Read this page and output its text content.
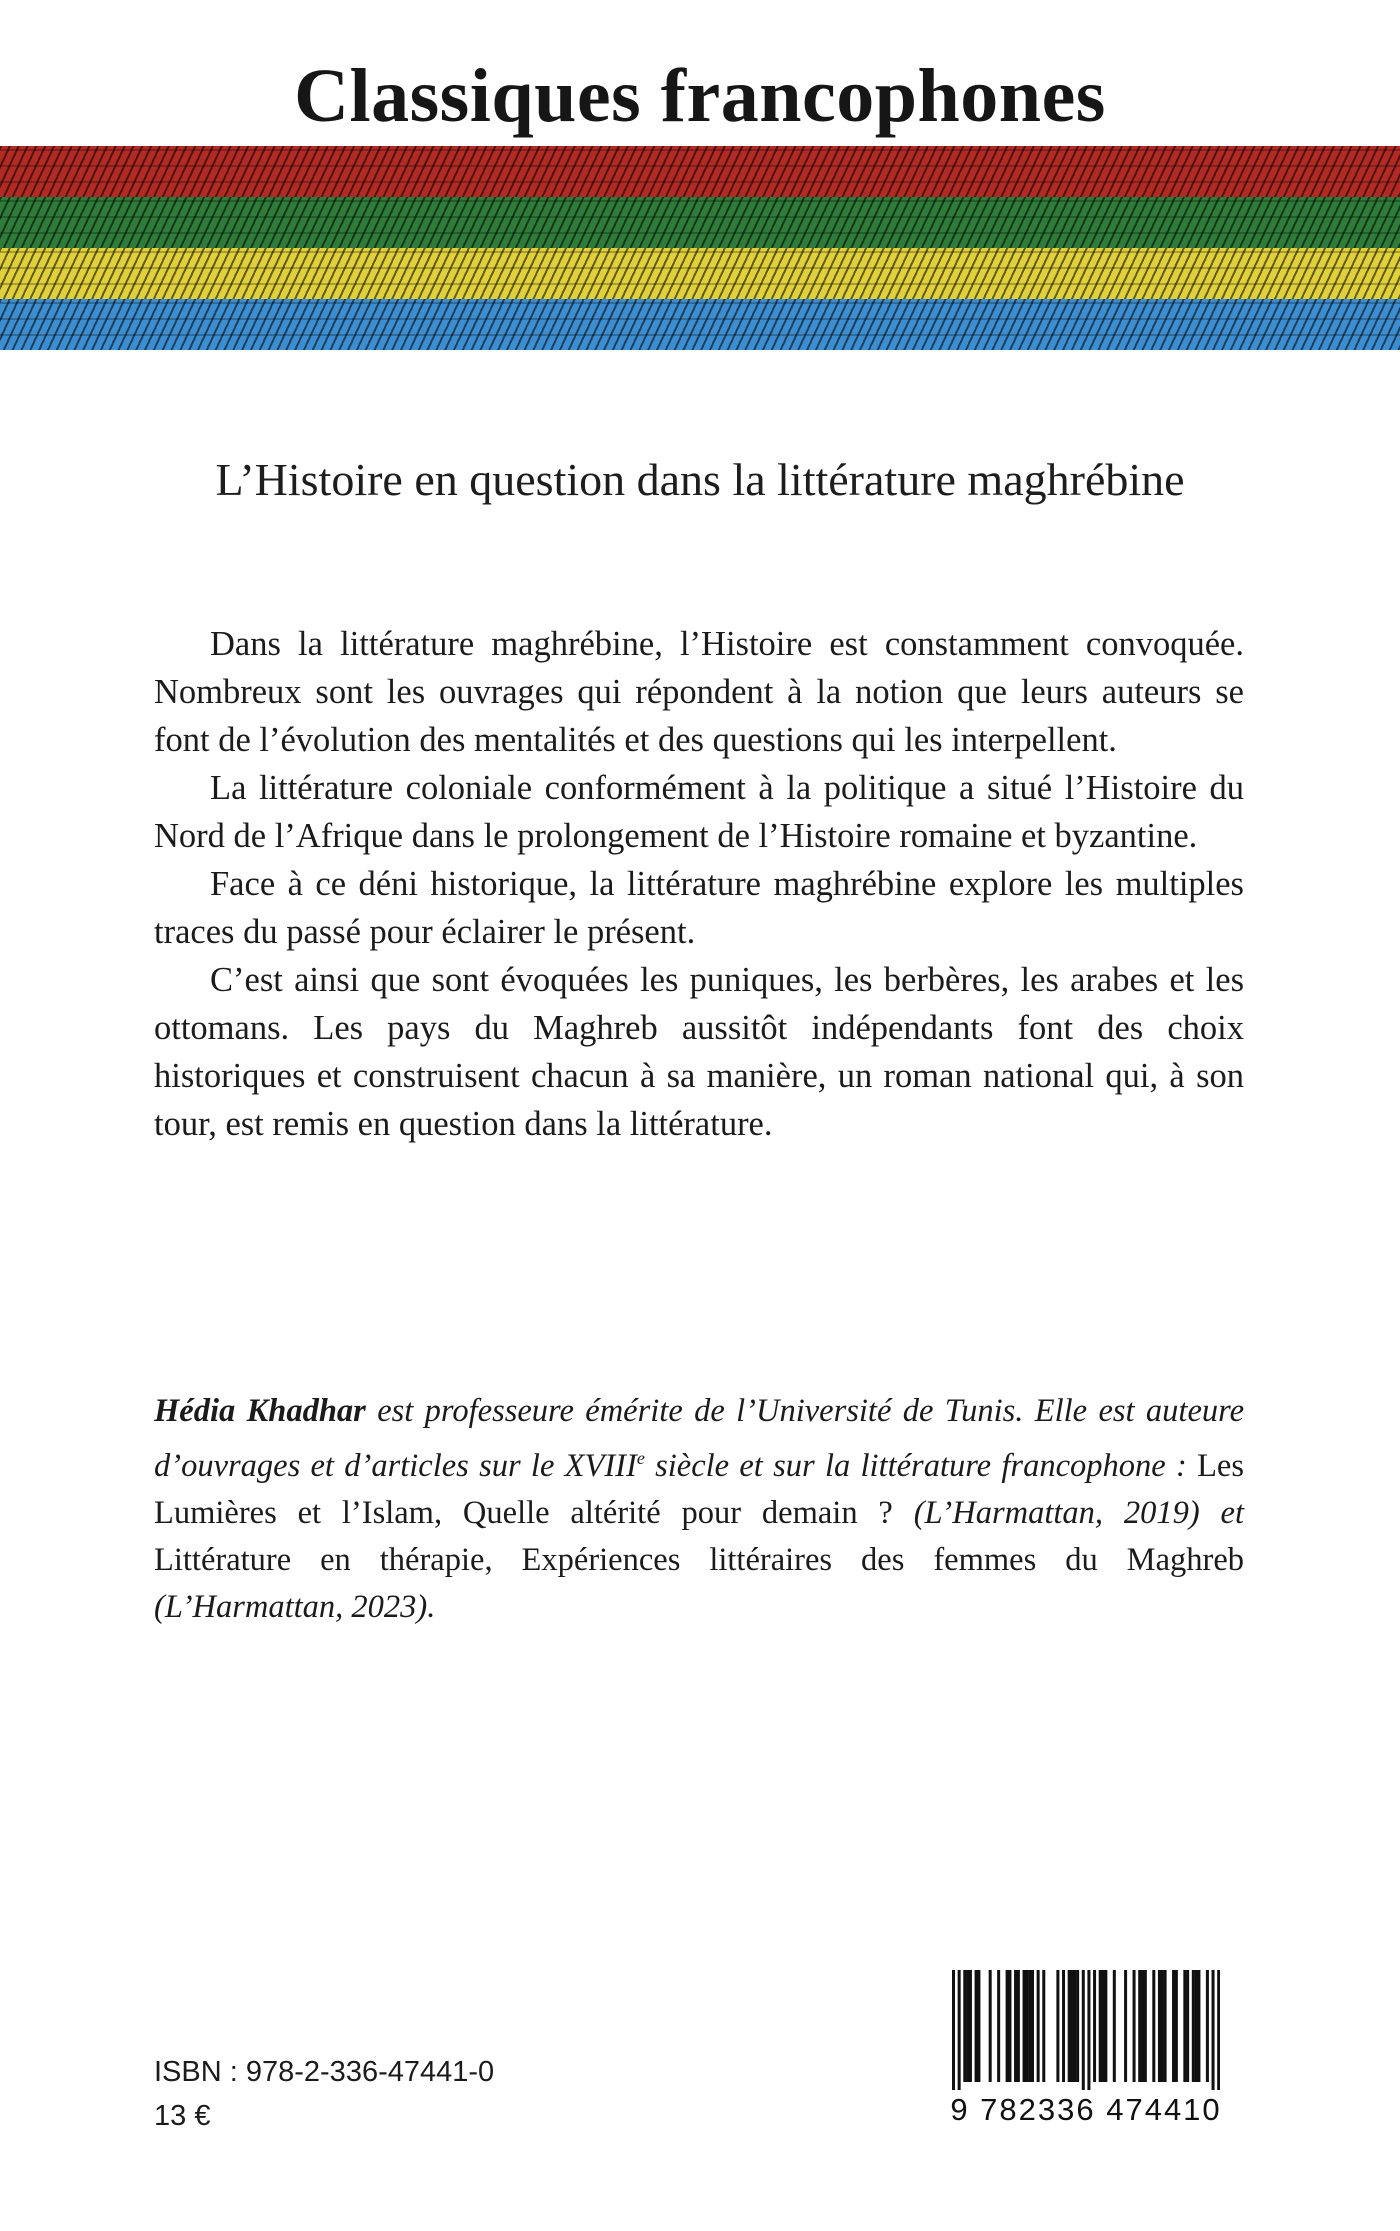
Classiques francophones
L’Histoire en question dans la littérature maghrébine

Dans la littérature maghrébine, l’Histoire est constamment convoquée. Nombreux sont les ouvrages qui répondent à la notion que leurs auteurs se font de l’évolution des mentalités et des questions qui les interpellent.

La littérature coloniale conformément à la politique a situé l’Histoire du Nord de l’Afrique dans le prolongement de l’Histoire romaine et byzantine.

Face à ce déni historique, la littérature maghrébine explore les multiples traces du passé pour éclairer le présent.

C’est ainsi que sont évoquées les puniques, les berbères, les arabes et les ottomans. Les pays du Maghreb aussitôt indépendants font des choix historiques et construisent chacun à sa manière, un roman national qui, à son tour, est remis en question dans la littérature.

Hédia Khadhar est professeure émérite de l’Université de Tunis. Elle est auteure d’ouvrages et d’articles sur le XVIIIe siècle et sur la littérature francophone : Les Lumières et l’Islam, Quelle altérité pour demain ? (L’Harmattan, 2019) et Littérature en thérapie, Expériences littéraires des femmes du Maghreb (L’Harmattan, 2023).

ISBN : 978-2-336-47441-0
13 €	9 782336 474410
